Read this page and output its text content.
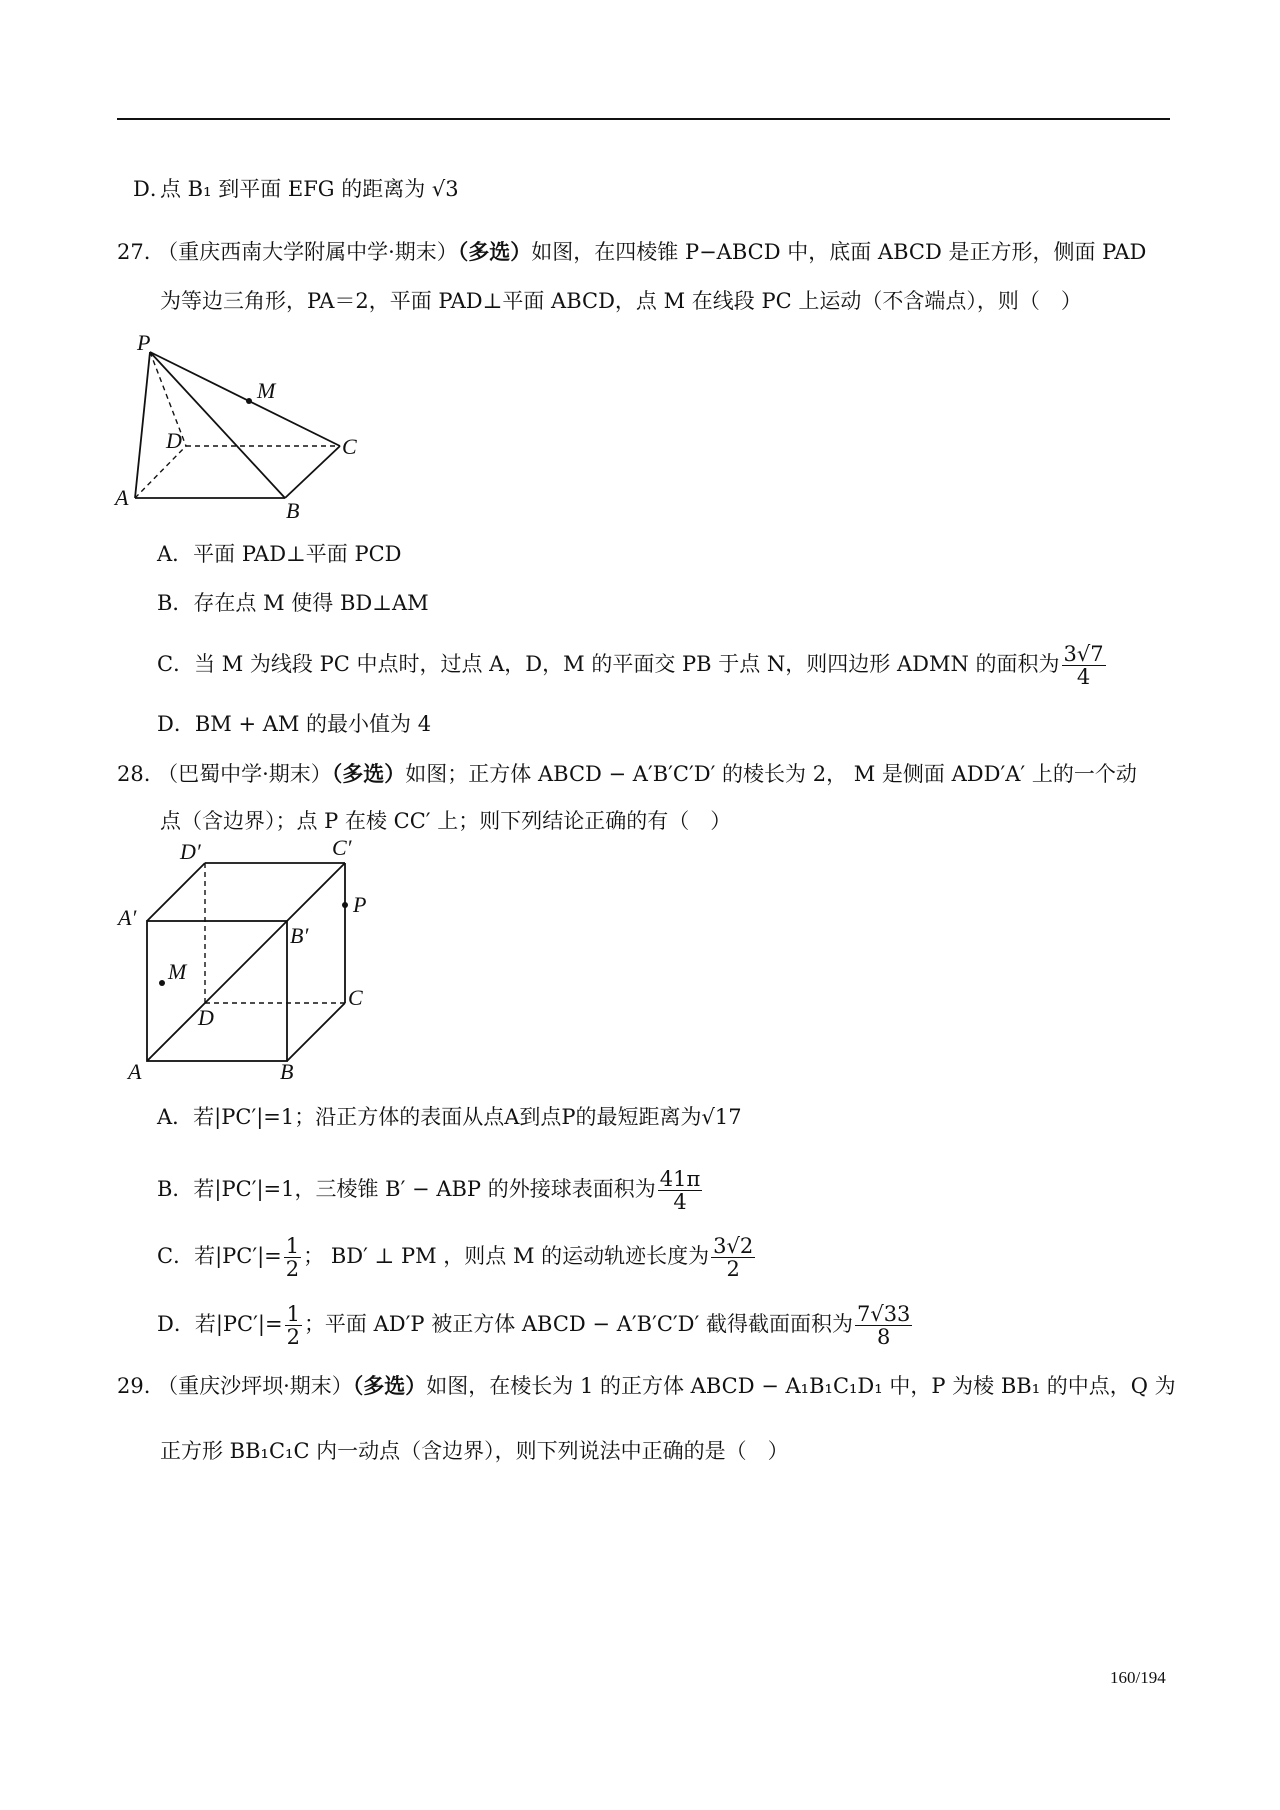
点 B₁ 到平面 EFG 的距离为 √3
D．
27. （重庆西南大学附属中学·期末）（多选）如图，在四棱锥 P−ABCD 中，底面 ABCD 是正方形，侧面 PAD
为等边三角形，PA＝2，平面 PAD⊥平面 ABCD，点 M 在线段 PC 上运动（不含端点），则（　）
P
M
D	C
A
B
A．平面 PAD⊥平面 PCD
B．存在点 M 使得 BD⊥AM
C．当 M 为线段 PC 中点时，过点 A，D，M 的平面交 PB 于点 N，则四边形 ADMN 的面积为 $\frac{3√7}{4}$
D．BM + AM 的最小值为 4
28. （巴蜀中学·期末）（多选）如图；正方体 ABCD − A′B′C′D′ 的棱长为 2， M 是侧面 ADD′A′ 上的一个动
点（含边界）；点 P 在棱 CC′ 上；则下列结论正确的有（　）
D′	C′
A′
B′
P
M
D
C
A	B
A．若|PC′|=1；沿正方体的表面从点A到点P的最短距离为√17
B．若|PC′|=1，三棱锥 B′ − ABP 的外接球表面积为 $\frac{41\pi}{4}$
C．若$|PC'|= \frac{1}{2}$ ； BD′ ⊥ PM ，则点 M 的运动轨迹长度为 $\frac{3√2}{2}$
D．若$|PC'|= \frac{1}{2}$ ；平面 AD′P 被正方体 ABCD − A′B′C′D′ 截得截面面积为 $\frac{7√33}{8}$
29. （重庆沙坪坝·期末）（多选）如图，在棱长为 1 的正方体 ABCD − A₁B₁C₁D₁ 中，P 为棱 BB₁ 的中点，Q 为
正方形 BB₁C₁C 内一动点（含边界），则下列说法中正确的是（　）
160/194
